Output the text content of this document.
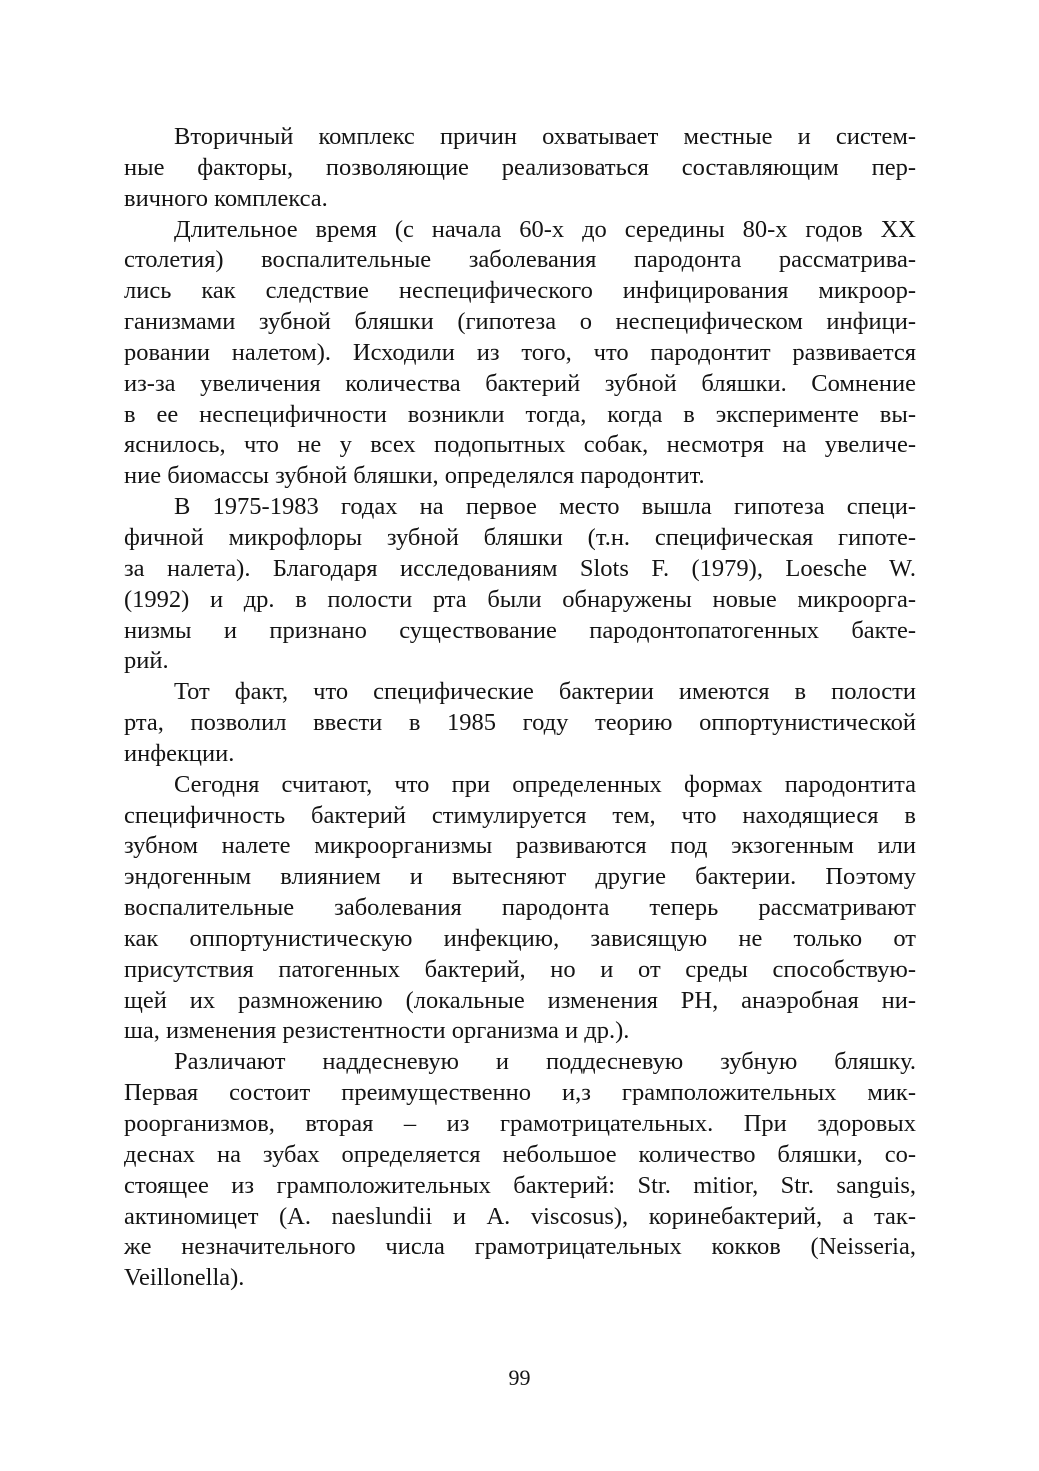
Вторичный комплекс причин охватывает местные и систем-
ные факторы, позволяющие реализоваться составляющим пер-
вичного комплекса.

Длительное время (с начала 60-х до середины 80-х годов XX
столетия) воспалительные заболевания пародонта рассматрива-
лись как следствие неспецифического инфицирования микроор-
ганизмами зубной бляшки (гипотеза о неспецифическом инфици-
ровании налетом). Исходили из того, что пародонтит развивается
из-за увеличения количества бактерий зубной бляшки. Сомнение
в ее неспецифичности возникли тогда, когда в эксперименте вы-
яснилось, что не у всех подопытных собак, несмотря на увеличе-
ние биомассы зубной бляшки, определялся пародонтит.

В 1975-1983 годах на первое место вышла гипотеза специ-
фичной микрофлоры зубной бляшки (т.н. специфическая гипоте-
за налета). Благодаря исследованиям Slots F. (1979), Loesche W.
(1992) и др. в полости рта были обнаружены новые микроорга-
низмы и признано существование пародонтопатогенных бакте-
рий.

Тот факт, что специфические бактерии имеются в полости
рта, позволил ввести в 1985 году теорию оппортунистической
инфекции.

Сегодня считают, что при определенных формах пародонтита
специфичность бактерий стимулируется тем, что находящиеся в
зубном налете микроорганизмы развиваются под экзогенным или
эндогенным влиянием и вытесняют другие бактерии. Поэтому
воспалительные заболевания пародонта теперь рассматривают
как оппортунистическую инфекцию, зависящую не только от
присутствия патогенных бактерий, но и от среды способствую-
щей их размножению (локальные изменения PH, анаэробная ни-
ша, изменения резистентности организма и др.).

Различают наддесневую и поддесневую зубную бляшку.
Первая состоит преимущественно и,з грамположительных мик-
роорганизмов, вторая – из грамотрицательных. При здоровых
деснах на зубах определяется небольшое количество бляшки, со-
стоящее из грамположительных бактерий: Str. mitior, Str. sanguis,
актиномицет (A. naeslundii и A. viscosus), коринебактерий, а так-
же незначительного числа грамотрицательных кокков (Neisseria,
Veillonella).

99
